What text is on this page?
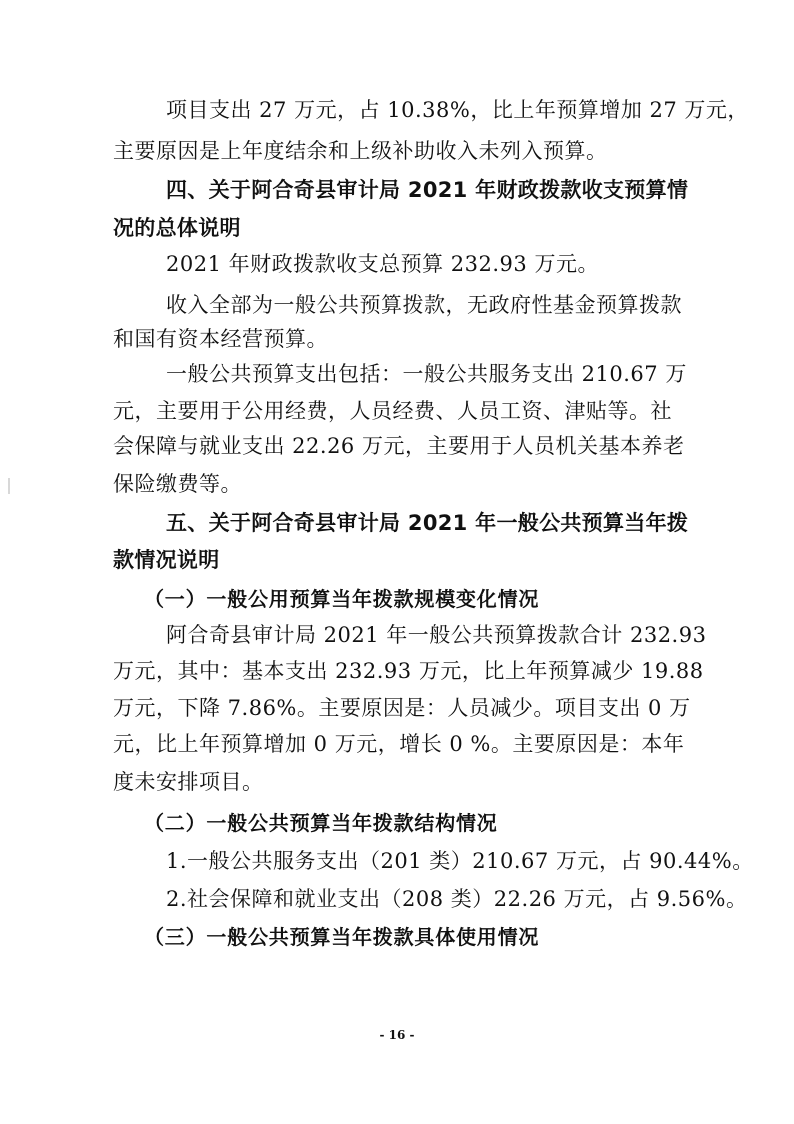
项目支出 27 万元，占 10.38%，比上年预算增加 27 万元，

主要原因是上年度结余和上级补助收入未列入预算。

四、关于阿合奇县审计局 2021 年财政拨款收支预算情

况的总体说明

2021 年财政拨款收支总预算 232.93 万元。

收入全部为一般公共预算拨款，无政府性基金预算拨款

和国有资本经营预算。

一般公共预算支出包括：一般公共服务支出 210.67 万

元，主要用于公用经费，人员经费、人员工资、津贴等。社

会保障与就业支出 22.26 万元，主要用于人员机关基本养老

保险缴费等。

五、关于阿合奇县审计局 2021 年一般公共预算当年拨

款情况说明

（一）一般公用预算当年拨款规模变化情况

阿合奇县审计局 2021 年一般公共预算拨款合计 232.93

万元，其中：基本支出 232.93 万元，比上年预算减少 19.88

万元，下降 7.86%。主要原因是：人员减少。项目支出 0 万

元，比上年预算增加 0 万元，增长 0 %。主要原因是：本年

度未安排项目。

（二）一般公共预算当年拨款结构情况

1.一般公共服务支出（201 类）210.67 万元，占 90.44%。

2.社会保障和就业支出（208 类）22.26 万元，占 9.56%。

（三）一般公共预算当年拨款具体使用情况

- 16 -
